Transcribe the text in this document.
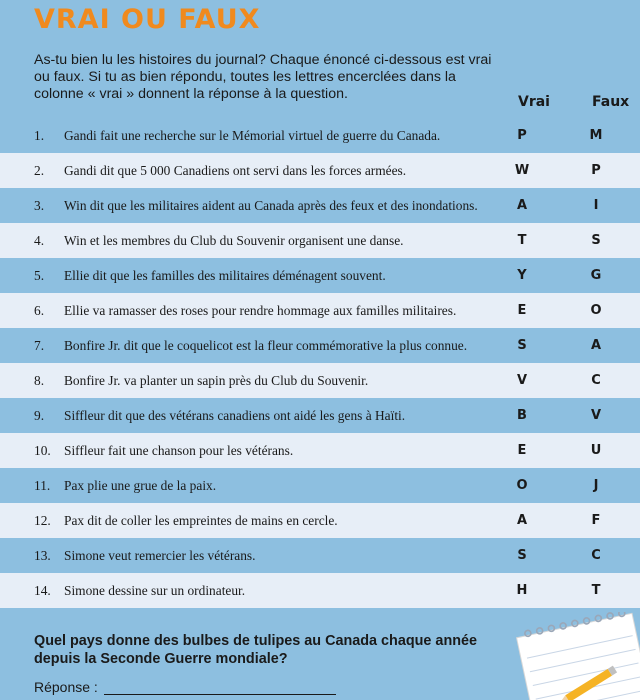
VRAI OU FAUX
As-tu bien lu les histoires du journal? Chaque énoncé ci-dessous est vrai ou faux. Si tu as bien répondu, toutes les lettres encerclées dans la colonne « vrai » donnent la réponse à la question.	Vrai	Faux
1.	Gandi fait une recherche sur le Mémorial virtuel de guerre du Canada.	P	M
2.	Gandi dit que 5 000 Canadiens ont servi dans les forces armées.	W	P
3.	Win dit que les militaires aident au Canada après des feux et des inondations.	A	I
4.	Win et les membres du Club du Souvenir organisent une danse.	T	S
5.	Ellie dit que les familles des militaires déménagent souvent.	Y	G
6.	Ellie va ramasser des roses pour rendre hommage aux familles militaires.	E	O
7.	Bonfire Jr. dit que le coquelicot est la fleur commémorative la plus connue.	S	A
8.	Bonfire Jr. va planter un sapin près du Club du Souvenir.	V	C
9.	Siffleur dit que des vétérans canadiens ont aidé les gens à Haïti.	B	V
10. Siffleur fait une chanson pour les vétérans.	E	U
11.	Pax plie une grue de la paix.	O	J
12. Pax dit de coller les empreintes de mains en cercle.	A	F
13. Simone veut remercier les vétérans.	S	C
14. Simone dessine sur un ordinateur.	H	T
Quel pays donne des bulbes de tulipes au Canada chaque année depuis la Seconde Guerre mondiale?
Réponse :
